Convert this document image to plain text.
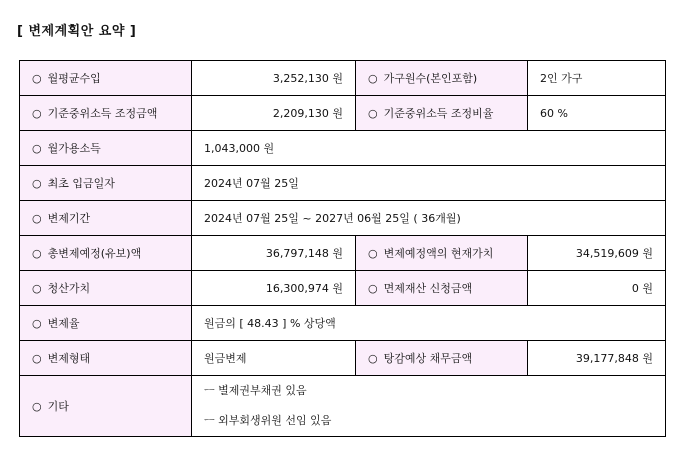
[ 변제계획안 요약 ]
○ 월평균수입	3,252,130 원	○ 가구원수(본인포함)	2인 가구
○ 기준중위소득 조정금액	2,209,130 원	○ 기준중위소득 조정비율	60 %
○ 월가용소득	1,043,000 원		
○ 최초 입금일자	2024년 07월 25일		
○ 변제기간	2024년 07월 25일 ~ 2027년 06월 25일 ( 36개월)		
○ 총변제예정(유보)액	36,797,148 원	○ 변제예정액의 현재가치	34,519,609 원
○ 청산가치	16,300,974 원	○ 면제재산 신청금액	0 원
○ 변제율	원금의 [ 48.43 ] % 상당액		
○ 변제형태	원금변제	○ 탕감예상 채무금액	39,177,848 원
○ 기타	ㅡ 별제권부채권 있음
ㅡ 외부회생위원 선임 있음		
